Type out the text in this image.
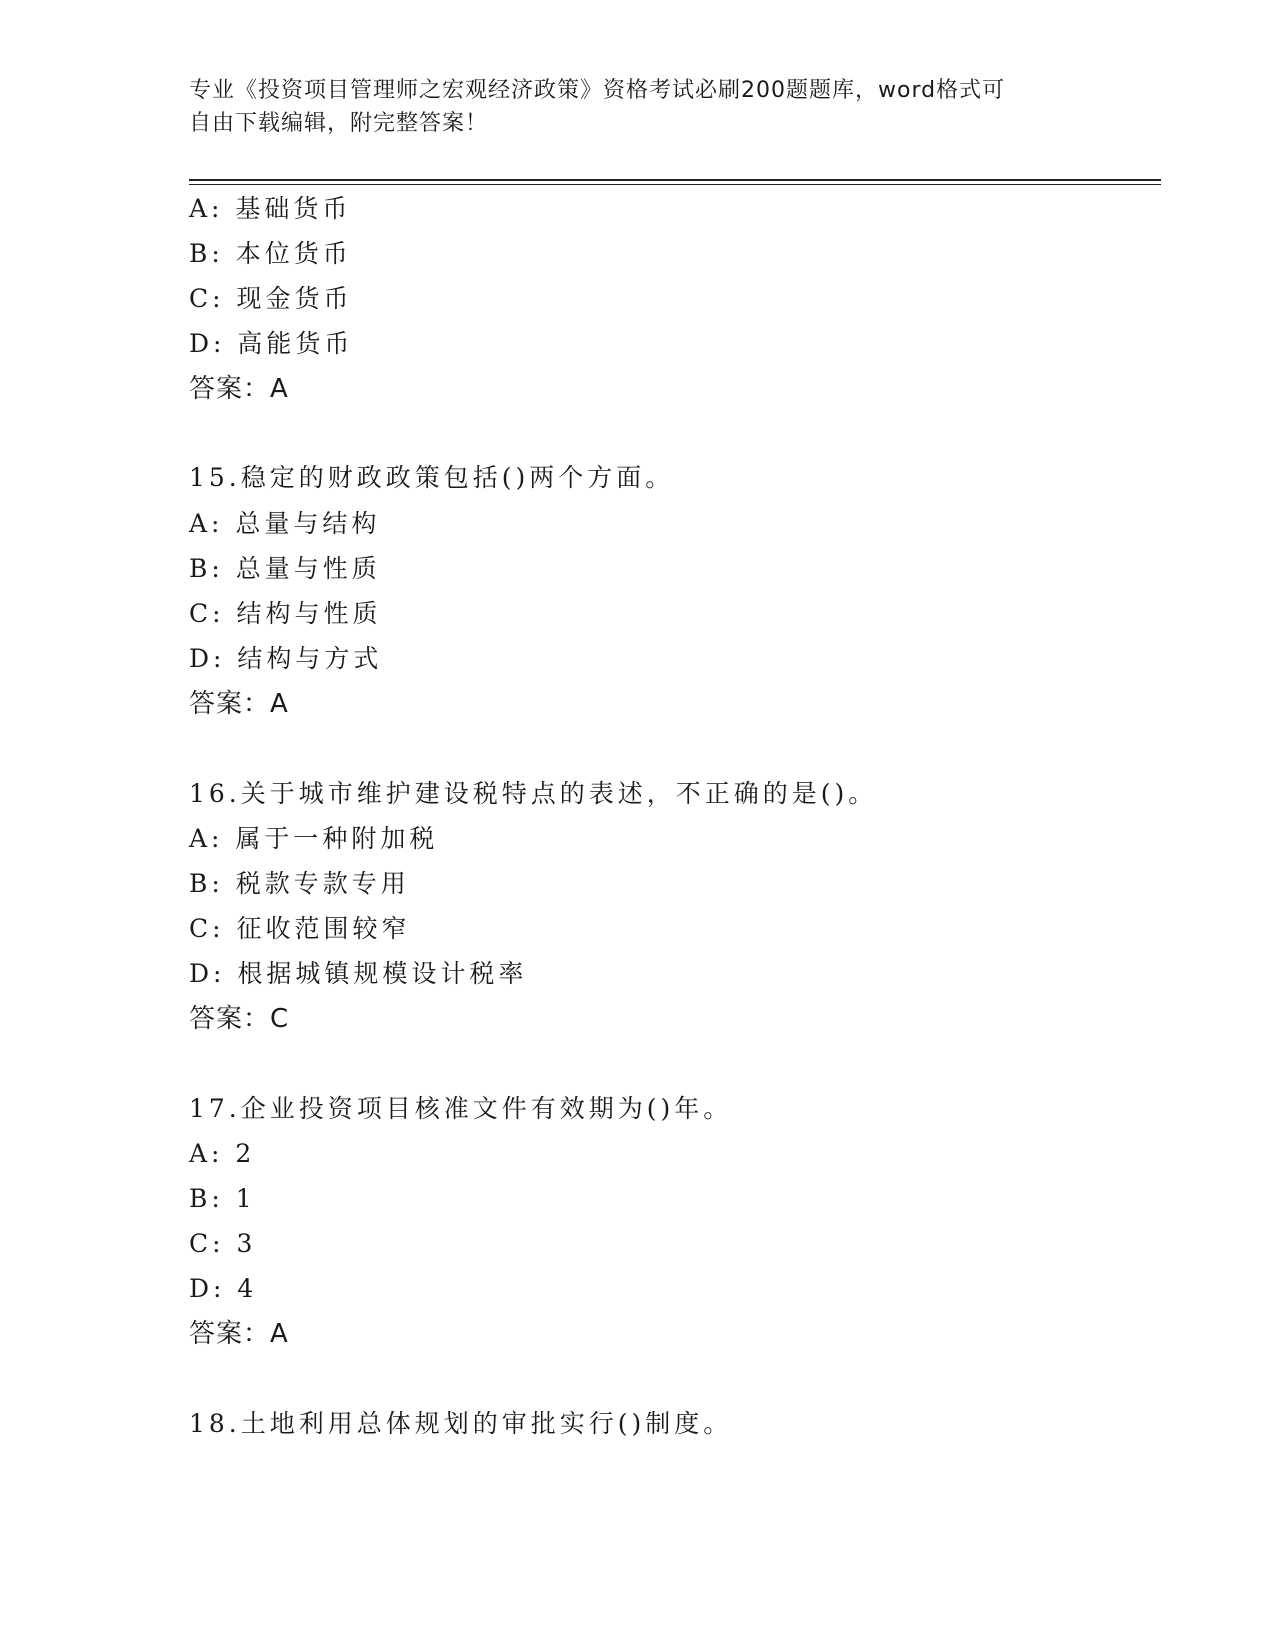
专业《投资项目管理师之宏观经济政策》资格考试必刷200题题库，word格式可
自由下载编辑，附完整答案！
A: 基础货币
B: 本位货币
C: 现金货币
D: 高能货币
答案：A
15.稳定的财政政策包括()两个方面。
A: 总量与结构
B: 总量与性质
C: 结构与性质
D: 结构与方式
答案：A
16.关于城市维护建设税特点的表述，不正确的是()。
A: 属于一种附加税
B: 税款专款专用
C: 征收范围较窄
D: 根据城镇规模设计税率
答案：C
17.企业投资项目核准文件有效期为()年。
A: 2
B: 1
C: 3
D: 4
答案：A
18.土地利用总体规划的审批实行()制度。
